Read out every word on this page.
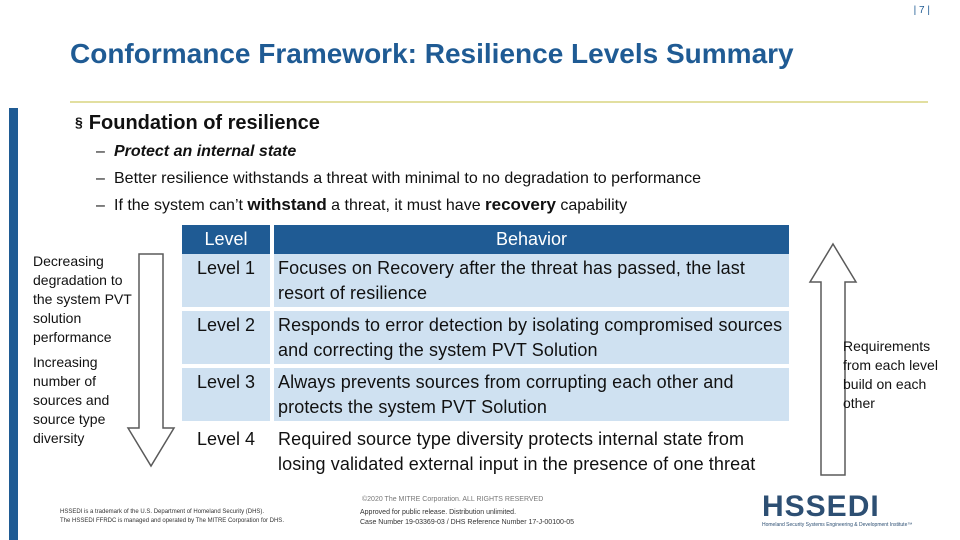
| 7 |
Conformance Framework: Resilience Levels Summary
§ Foundation of resilience
– Protect an internal state
– Better resilience withstands a threat with minimal to no degradation to performance
– If the system can’t withstand a threat, it must have recovery capability

Decreasing degradation to the system PVT solution performance

Increasing number of sources and source type diversity

Requirements from each level build on each other
Level	Behavior
Level 1	Focuses on Recovery after the threat has passed, the last resort of resilience
Level 2	Responds to error detection by isolating compromised sources and correcting the system PVT Solution
Level 3	Always prevents sources from corrupting each other and protects the system PVT Solution
Level 4	Required source type diversity protects internal state from losing validated external input in the presence of one threat
HSSEDI is a trademark of the U.S. Department of Homeland Security (DHS).
The HSSEDI FFRDC is managed and operated by The MITRE Corporation for DHS.
©2020 The MITRE Corporation. ALL RIGHTS RESERVED
Approved for public release. Distribution unlimited.
Case Number 19-03369-03 / DHS Reference Number 17-J-00100-05	HSSEDI
Homeland Security Systems Engineering & Development Institute™
